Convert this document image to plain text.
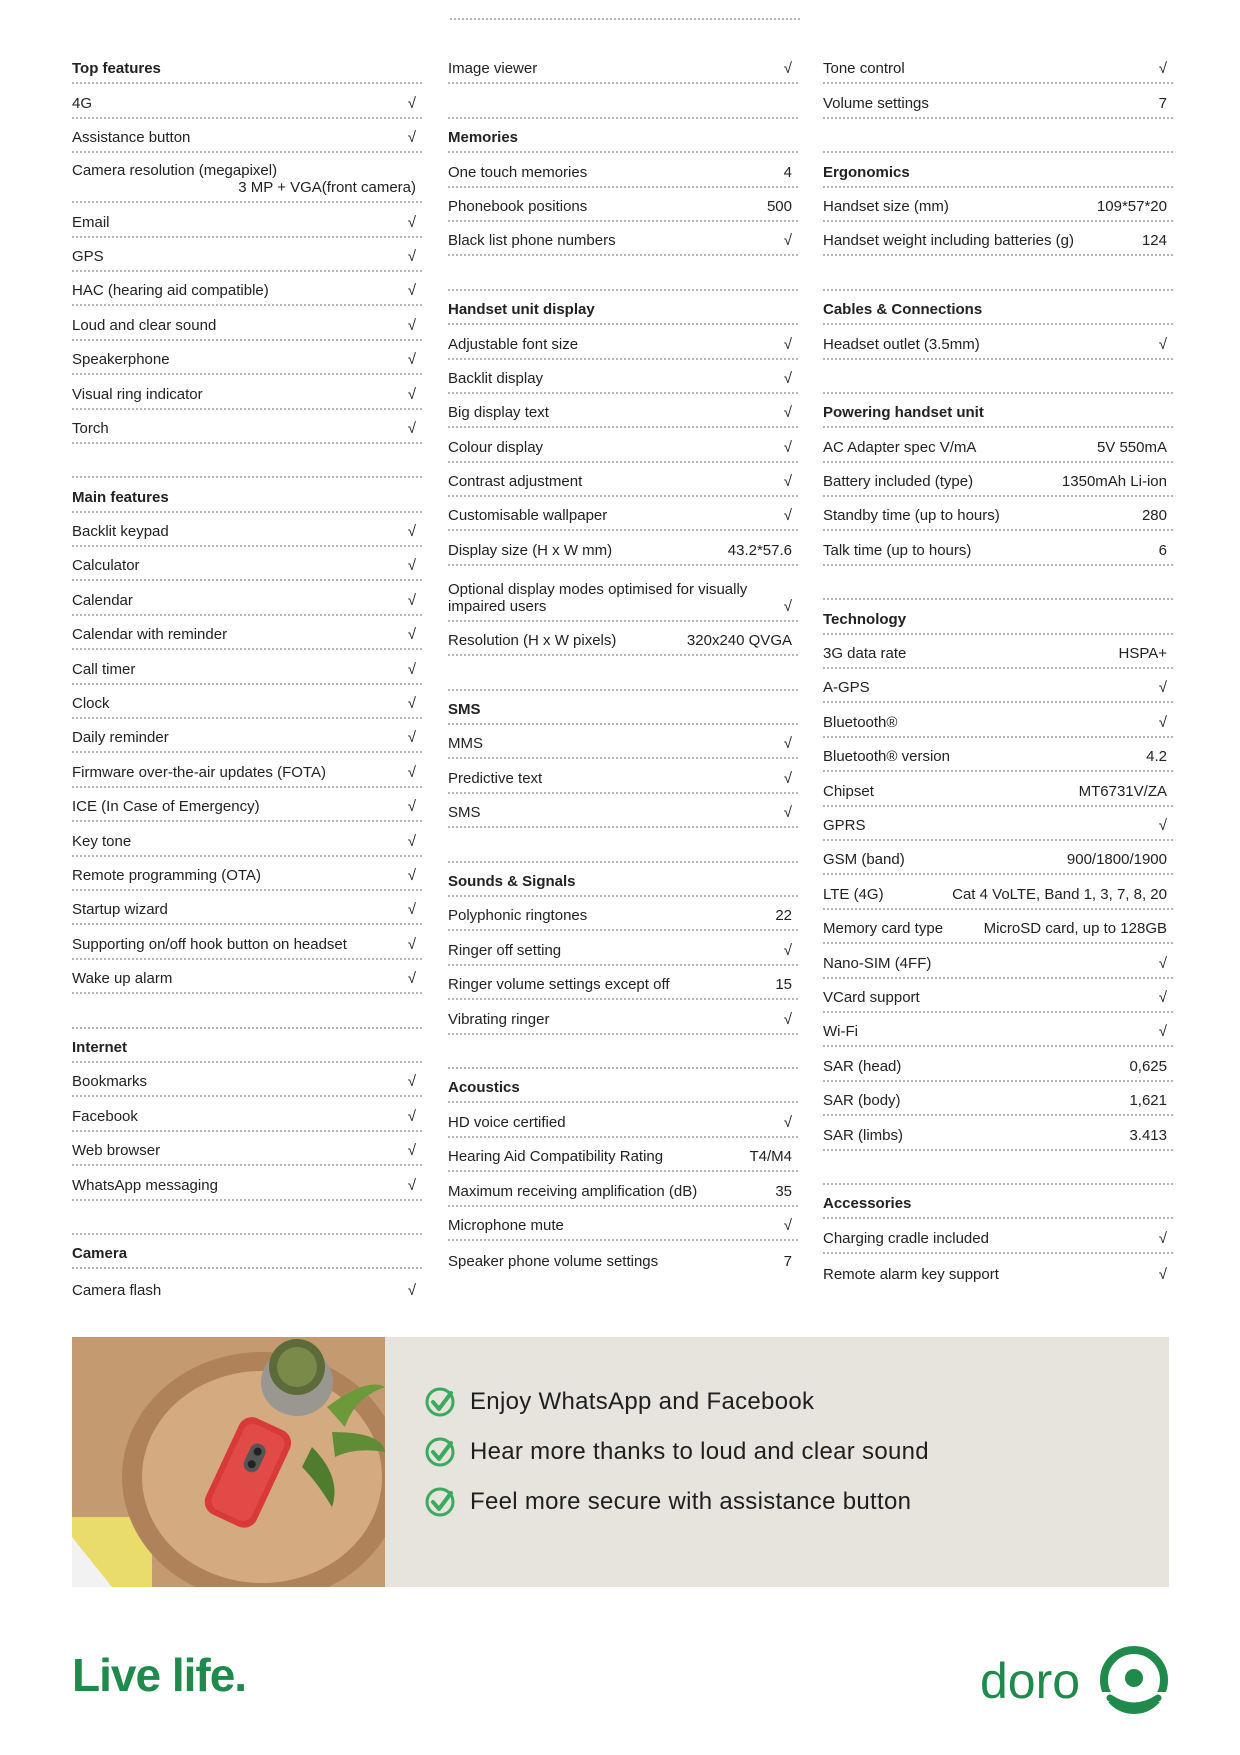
Top features
4G	√
Assistance button	√
Camera resolution (megapixel)
3 MP + VGA(front camera)
Email	√
GPS	√
HAC (hearing aid compatible)	√
Loud and clear sound	√
Speakerphone	√
Visual ring indicator	√
Torch	√
Main features
Backlit keypad	√
Calculator	√
Calendar	√
Calendar with reminder	√
Call timer	√
Clock	√
Daily reminder	√
Firmware over-the-air updates (FOTA)	√
ICE (In Case of Emergency)	√
Key tone	√
Remote programming (OTA)	√
Startup wizard	√
Supporting on/off hook button on headset	√
Wake up alarm	√
Internet
Bookmarks	√
Facebook	√
Web browser	√
WhatsApp messaging	√
Camera
Camera flash	√
Image viewer	√
Memories
One touch memories	4
Phonebook positions	500
Black list phone numbers	√
Handset unit display
Adjustable font size	√
Backlit display	√
Big display text	√
Colour display	√
Contrast adjustment	√
Customisable wallpaper	√
Display size (H x W mm)	43.2*57.6
Optional display modes optimised for visually impaired users	√
Resolution (H x W pixels)	320x240 QVGA
SMS
MMS	√
Predictive text	√
SMS	√
Sounds & Signals
Polyphonic ringtones	22
Ringer off setting	√
Ringer volume settings except off	15
Vibrating ringer	√
Acoustics
HD voice certified	√
Hearing Aid Compatibility Rating	T4/M4
Maximum receiving amplification (dB)	35
Microphone mute	√
Speaker phone volume settings	7
Tone control	√
Volume settings	7
Ergonomics
Handset size (mm)	109*57*20
Handset weight including batteries (g)	124
Cables & Connections
Headset outlet (3.5mm)	√
Powering handset unit
AC Adapter spec V/mA	5V 550mA
Battery included (type)	1350mAh Li-ion
Standby time (up to hours)	280
Talk time (up to hours)	6
Technology
3G data rate	HSPA+
A-GPS	√
Bluetooth®	√
Bluetooth® version	4.2
Chipset	MT6731V/ZA
GPRS	√
GSM (band)	900/1800/1900
LTE (4G)	Cat 4 VoLTE, Band 1, 3, 7, 8, 20
Memory card type	MicroSD card, up to 128GB
Nano-SIM (4FF)	√
VCard support	√
Wi-Fi	√
SAR (head)	0,625
SAR (body)	1,621
SAR (limbs)	3.413
Accessories
Charging cradle included	√
Remote alarm key support	√
Enjoy WhatsApp and Facebook
Hear more thanks to loud and clear sound
Feel more secure with assistance button
Live life.	doro
